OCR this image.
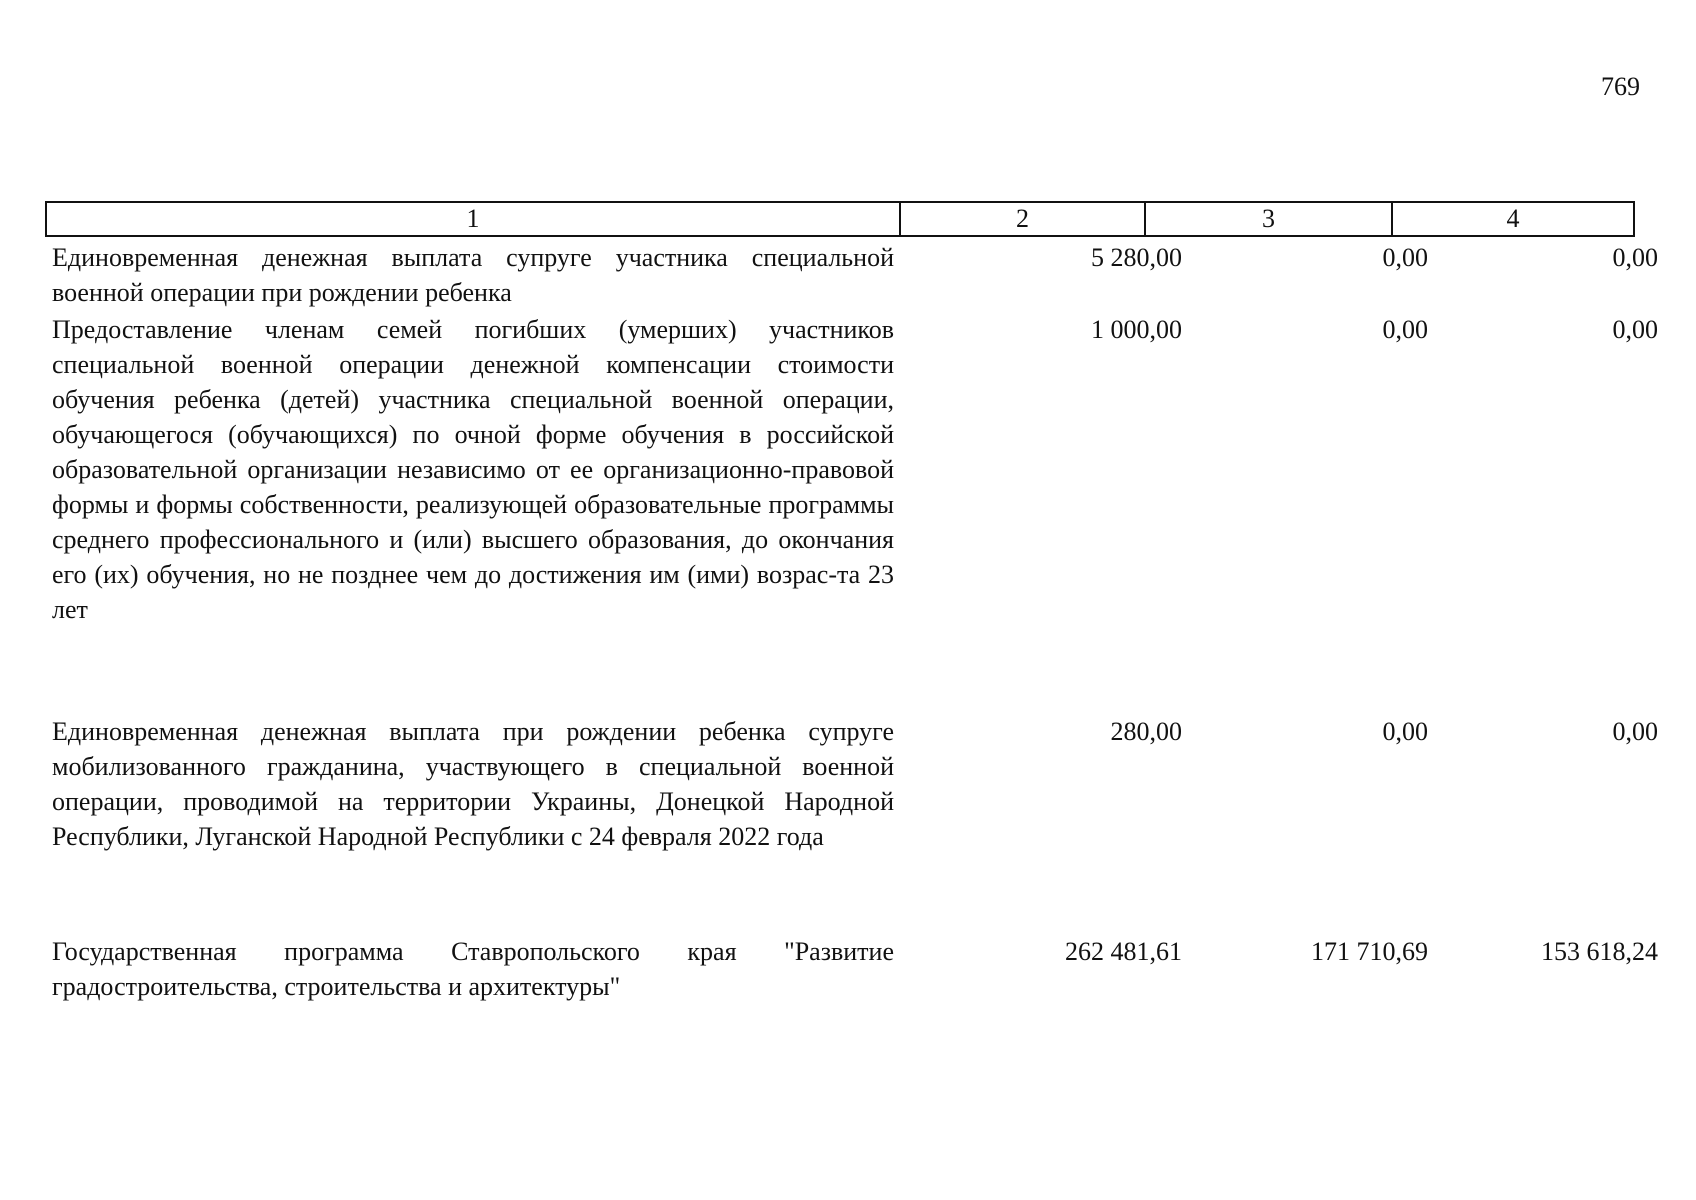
769
1	2	3	4
Единовременная денежная выплата супруге участника специальной военной операции при рождении ребенка
5 280,00	0,00	0,00
Предоставление членам семей погибших (умерших) участников специальной военной операции денежной компенсации стоимости обучения ребенка (детей) участника специальной военной операции, обучающегося (обучающихся) по очной форме обучения в российской образовательной организации независимо от ее организационно-правовой формы и формы собственности, реализующей образовательные программы среднего профессионального и (или) высшего образования, до окончания его (их) обучения, но не позднее чем до достижения им (ими) возрас-та 23 лет
1 000,00	0,00	0,00
Единовременная денежная выплата при рождении ребенка супруге мобилизованного гражданина, участвующего в специальной военной операции, проводимой на территории Украины, Донецкой Народной Республики, Луганской Народной Республики с 24 февраля 2022 года
280,00	0,00	0,00
Государственная программа Ставропольского края "Развитие градостроительства, строительства и архитектуры"
262 481,61	171 710,69	153 618,24
